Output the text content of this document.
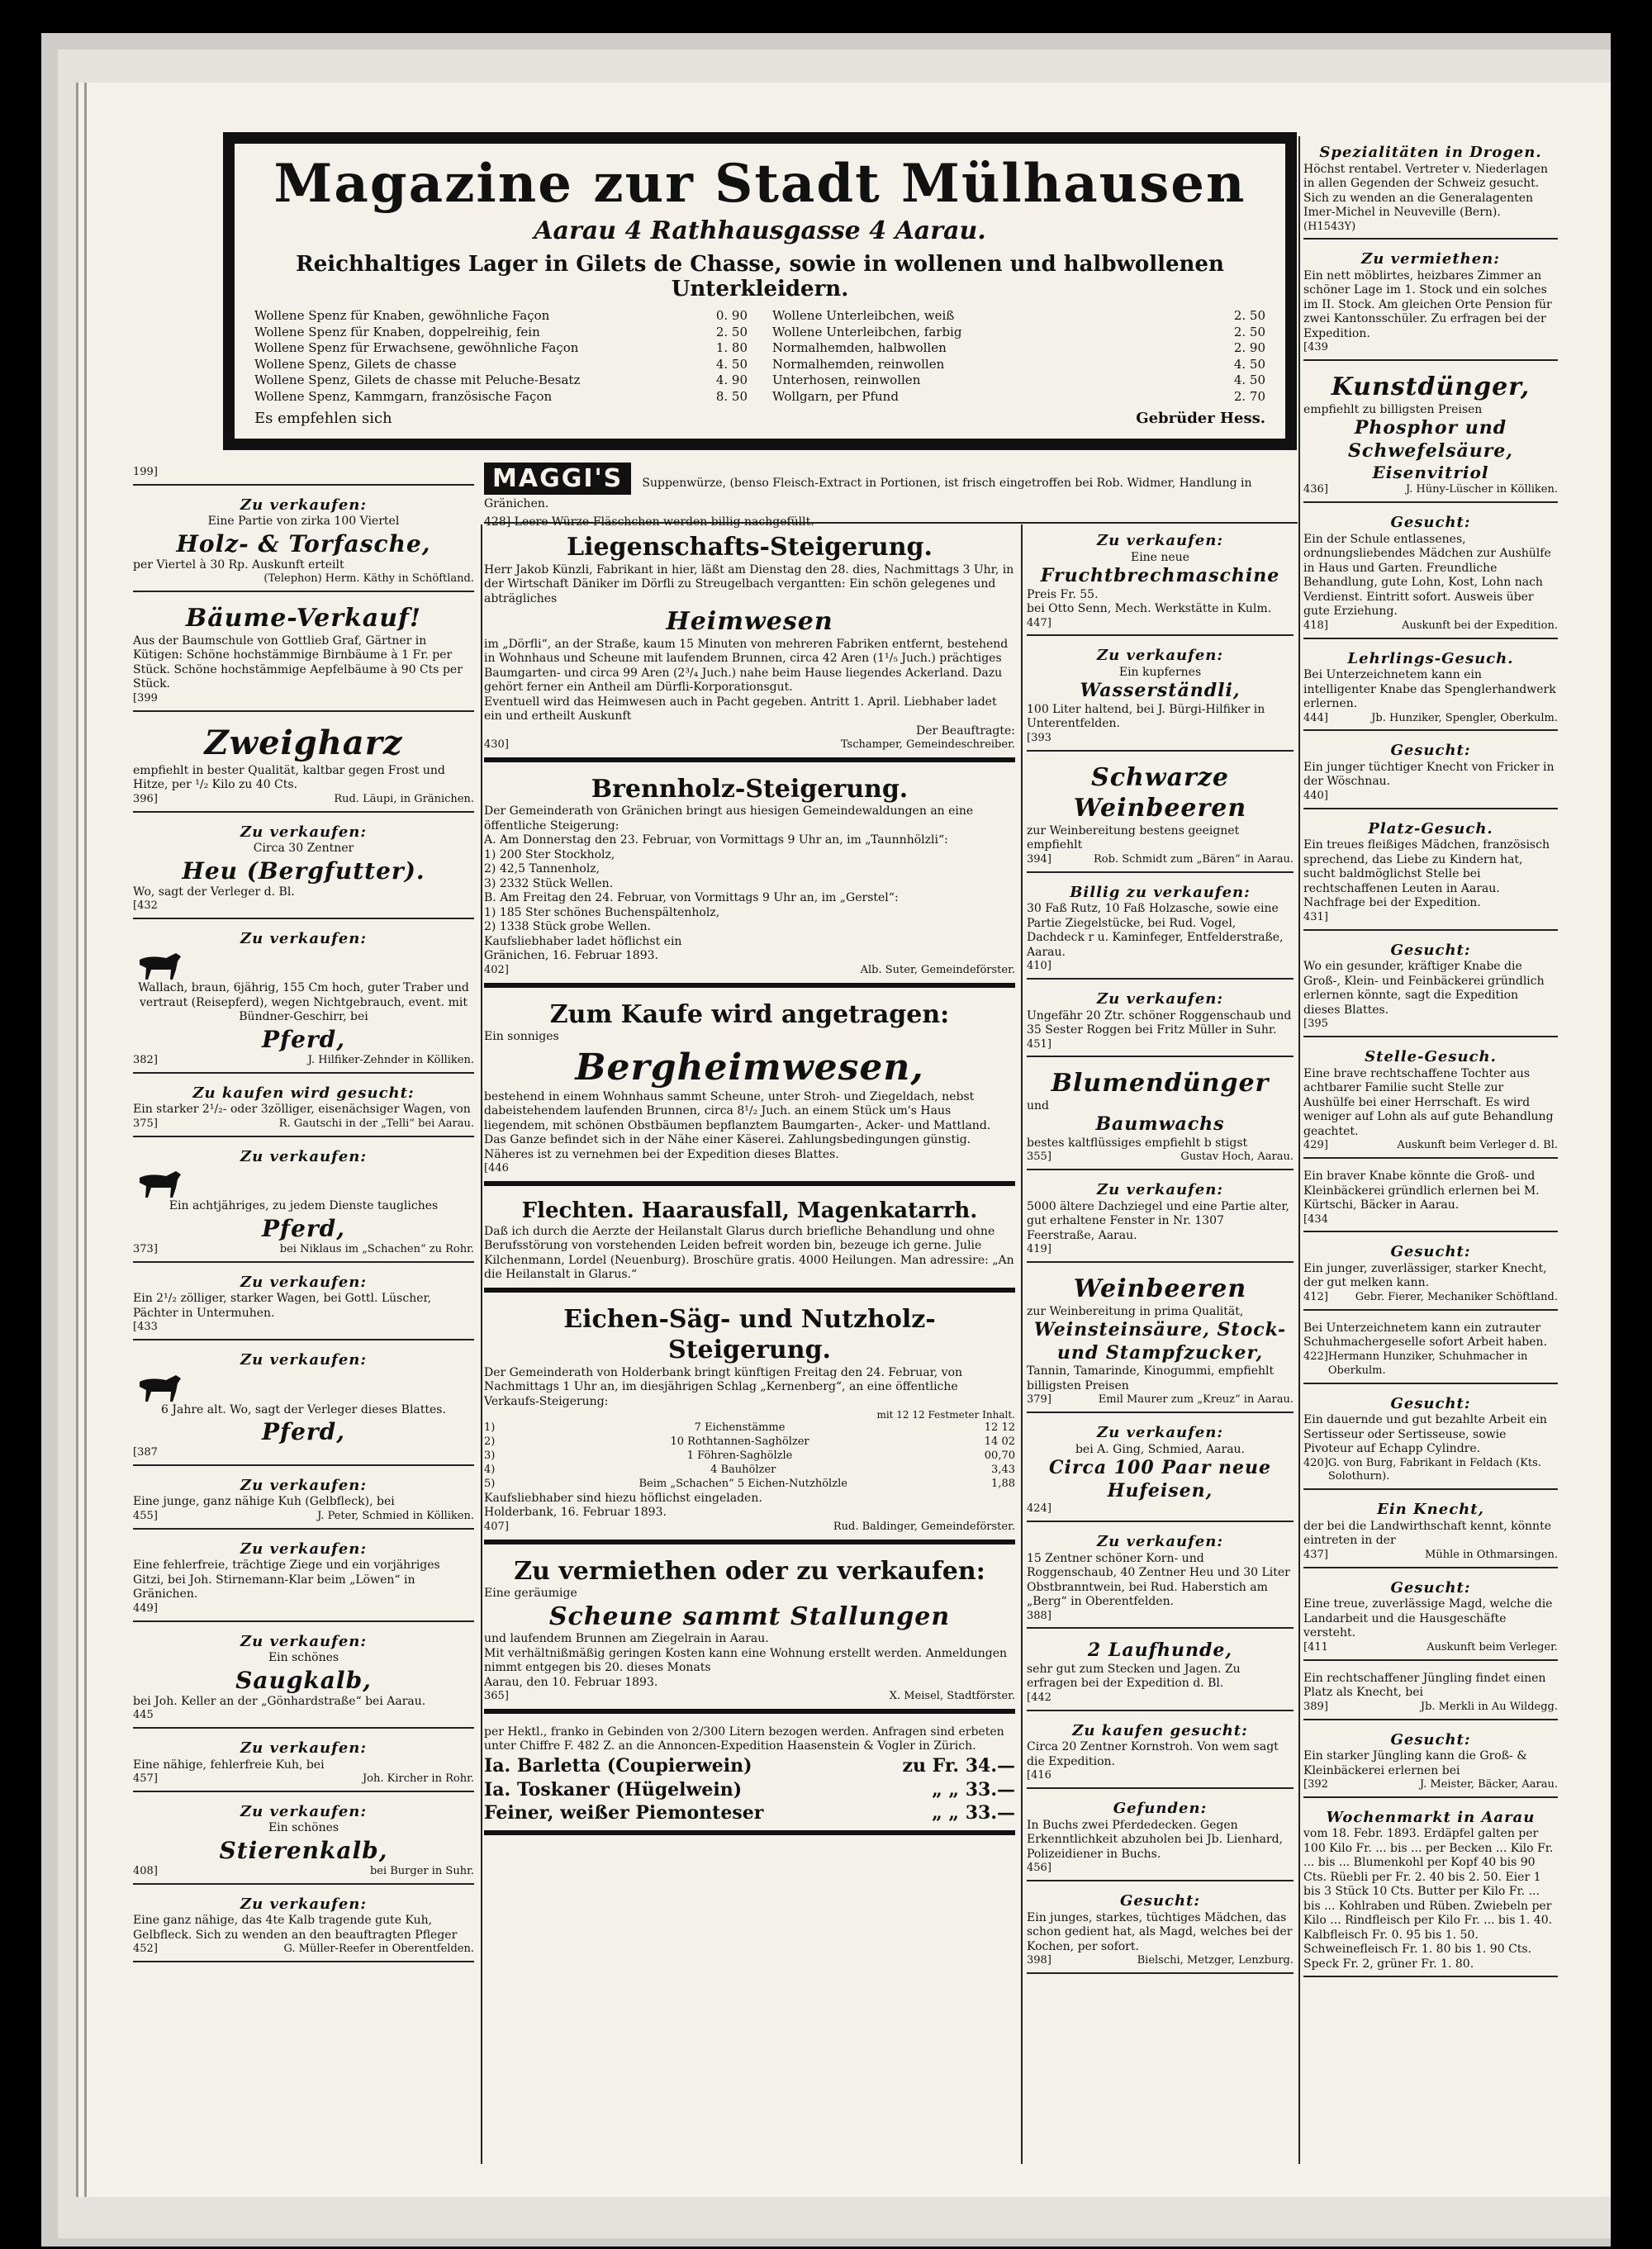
Magazine zur Stadt Mülhausen
Aarau 4 Rathhausgasse 4 Aarau.
Reichhaltiges Lager in Gilets de Chasse, sowie in wollenen und halbwollenen Unterkleidern.
Wollene Spenz für Knaben, gewöhnliche Façon	0. 90
Wollene Spenz für Knaben, doppelreihig, fein	2. 50
Wollene Spenz für Erwachsene, gewöhnliche Façon	1. 80
Wollene Spenz, Gilets de chasse	4. 50
Wollene Spenz, Gilets de chasse mit Peluche-Besatz	4. 90
Wollene Spenz, Kammgarn, französische Façon	8. 50
Wollene Unterleibchen, weiß	2. 50
Wollene Unterleibchen, farbig	2. 50
Normalhemden, halbwollen	2. 90
Normalhemden, reinwollen	4. 50
Unterhosen, reinwollen	4. 50
Wollgarn, per Pfund	2. 70
Es empfehlen sich	Gebrüder Hess.
MAGGI'S Suppenwürze, (benso Fleisch-Extract in Portionen, ist frisch eingetroffen bei Rob. Widmer, Handlung in Gränichen.
428] Leere Würze-Fläschchen werden billig nachgefüllt.
199]

Zu verkaufen:

Eine Partie von zirka 100 Viertel

Holz- & Torfasche,

per Viertel à 30 Rp. Auskunft erteilt

(Telephon) Herm. Käthy in Schöftland.

Bäume-Verkauf!

Aus der Baumschule von Gottlieb Graf, Gärtner in Kütigen: Schöne hochstämmige Birnbäume à 1 Fr. per Stück. Schöne hochstämmige Aepfelbäume à 90 Cts per Stück.

[399

Zweigharz

empfiehlt in bester Qualität, kaltbar gegen Frost und Hitze, per ¹/₂ Kilo zu 40 Cts.

396]	Rud. Läupi, in Gränichen.

Zu verkaufen:

Circa 30 Zentner

Heu (Bergfutter).

Wo, sagt der Verleger d. Bl.

[432

Zu verkaufen:

Wallach, braun, 6jährig, 155 Cm hoch, guter Traber und vertraut (Reisepferd), wegen Nichtgebrauch, event. mit Bündner-Geschirr, bei

Pferd,

382]	J. Hilfiker-Zehnder in Kölliken.

Zu kaufen wird gesucht:

Ein starker 2¹/₂- oder 3zölliger, eisenächsiger Wagen, von

375]	R. Gautschi in der „Telli“ bei Aarau.

Zu verkaufen:

Ein achtjähriges, zu jedem Dienste taugliches

Pferd,

373]	bei Niklaus im „Schachen“ zu Rohr.

Zu verkaufen:

Ein 2¹/₂ zölliger, starker Wagen, bei Gottl. Lüscher, Pächter in Untermuhen.

[433

Zu verkaufen:

6 Jahre alt. Wo, sagt der Verleger dieses Blattes.

Pferd,

[387

Zu verkaufen:

Eine junge, ganz nähige Kuh (Gelbfleck), bei

455]	J. Peter, Schmied in Kölliken.

Zu verkaufen:

Eine fehlerfreie, trächtige Ziege und ein vorjähriges Gitzi, bei Joh. Stirnemann-Klar beim „Löwen“ in Gränichen.

449]

Zu verkaufen:

Ein schönes

Saugkalb,

bei Joh. Keller an der „Gönhardstraße“ bei Aarau.

445

Zu verkaufen:

Eine nähige, fehlerfreie Kuh, bei

457]	Joh. Kircher in Rohr.

Zu verkaufen:

Ein schönes

Stierenkalb,

408]	bei Burger in Suhr.

Zu verkaufen:

Eine ganz nähige, das 4te Kalb tragende gute Kuh, Gelbfleck. Sich zu wenden an den beauftragten Pfleger

452]	G. Müller-Reefer in Oberentfelden.

Liegenschafts-Steigerung.

Herr Jakob Künzli, Fabrikant in hier, läßt am Dienstag den 28. dies, Nachmittags 3 Uhr, in der Wirtschaft Däniker im Dörfli zu Streugelbach vergantten: Ein schön gelegenes und abträgliches

Heimwesen

im „Dörfli“, an der Straße, kaum 15 Minuten von mehreren Fabriken entfernt, bestehend in Wohnhaus und Scheune mit laufendem Brunnen, circa 42 Aren (1¹/₅ Juch.) prächtiges Baumgarten- und circa 99 Aren (2³/₄ Juch.) nahe beim Hause liegendes Ackerland. Dazu gehört ferner ein Antheil am Dürfli-Korporationsgut.

Eventuell wird das Heimwesen auch in Pacht gegeben. Antritt 1. April. Liebhaber ladet ein und ertheilt Auskunft

Der Beauftragte:

430]	Tschamper, Gemeindeschreiber.

Brennholz-Steigerung.

Der Gemeinderath von Gränichen bringt aus hiesigen Gemeindewaldungen an eine öffentliche Steigerung:

A. Am Donnerstag den 23. Februar, von Vormittags 9 Uhr an, im „Taunnhölzli“:

1) 200 Ster Stockholz,

2) 42,5 Tannenholz,

3) 2332 Stück Wellen.

B. Am Freitag den 24. Februar, von Vormittags 9 Uhr an, im „Gerstel“:

1) 185 Ster schönes Buchenspältenholz,

2) 1338 Stück grobe Wellen.

Kaufsliebhaber ladet höflichst ein

Gränichen, 16. Februar 1893.

402]	Alb. Suter, Gemeindeförster.

Zum Kaufe wird angetragen:

Ein sonniges

Bergheimwesen,

bestehend in einem Wohnhaus sammt Scheune, unter Stroh- und Ziegeldach, nebst dabeistehendem laufenden Brunnen, circa 8¹/₂ Juch. an einem Stück um's Haus liegendem, mit schönen Obstbäumen bepflanztem Baumgarten-, Acker- und Mattland. Das Ganze befindet sich in der Nähe einer Käserei. Zahlungsbedingungen günstig.

Näheres ist zu vernehmen bei der Expedition dieses Blattes.

[446

Flechten. Haarausfall, Magenkatarrh.

Daß ich durch die Aerzte der Heilanstalt Glarus durch briefliche Behandlung und ohne Berufsstörung von vorstehenden Leiden befreit worden bin, bezeuge ich gerne. Julie Kilchenmann, Lordel (Neuenburg). Broschüre gratis. 4000 Heilungen. Man adressire: „An die Heilanstalt in Glarus.“

Eichen-Säg- und Nutzholz-Steigerung.

Der Gemeinderath von Holderbank bringt künftigen Freitag den 24. Februar, von Nachmittags 1 Uhr an, im diesjährigen Schlag „Kernenberg“, an eine öffentliche Verkaufs-Steigerung:

mit 12 12 Festmeter Inhalt.

1)	7 Eichenstämme	12 12
2)	10 Rothtannen-Saghölzer	14 02
3)	1 Föhren-Saghölzle	00,70
4)	4 Bauhölzer	3,43
5)	Beim „Schachen“ 5 Eichen-Nutzhölzle	1,88

Kaufsliebhaber sind hiezu höflichst eingeladen.

Holderbank, 16. Februar 1893.

407]	Rud. Baldinger, Gemeindeförster.

Zu vermiethen oder zu verkaufen:

Eine geräumige

Scheune sammt Stallungen

und laufendem Brunnen am Ziegelrain in Aarau.

Mit verhältnißmäßig geringen Kosten kann eine Wohnung erstellt werden. Anmeldungen nimmt entgegen bis 20. dieses Monats

Aarau, den 10. Februar 1893.

365]	X. Meisel, Stadtförster.

per Hektl., franko in Gebinden von 2/300 Litern bezogen werden. Anfragen sind erbeten unter Chiffre F. 482 Z. an die Annoncen-Expedition Haasenstein & Vogler in Zürich.

Ia. Barletta (Coupierwein)	zu Fr. 34.—
Ia. Toskaner (Hügelwein)	„ „ 33.—
Feiner, weißer Piemonteser	„ „ 33.—

Zu verkaufen:

Eine neue

Fruchtbrechmaschine

Preis Fr. 55.

bei Otto Senn, Mech. Werkstätte in Kulm.

447]

Zu verkaufen:

Ein kupfernes

Wasserständli,

100 Liter haltend, bei J. Bürgi-Hilfiker in Unterentfelden.

[393

Schwarze Weinbeeren

zur Weinbereitung bestens geeignet empfiehlt

394]	Rob. Schmidt zum „Bären“ in Aarau.

Billig zu verkaufen:

30 Faß Rutz, 10 Faß Holzasche, sowie eine Partie Ziegelstücke, bei Rud. Vogel, Dachdeck r u. Kaminfeger, Entfelderstraße, Aarau.

410]

Zu verkaufen:

Ungefähr 20 Ztr. schöner Roggenschaub und 35 Sester Roggen bei Fritz Müller in Suhr.

451]

Blumendünger

und

Baumwachs

bestes kaltflüssiges empfiehlt b stigst

355]	Gustav Hoch, Aarau.

Zu verkaufen:

5000 ältere Dachziegel und eine Partie alter, gut erhaltene Fenster in Nr. 1307 Feerstraße, Aarau.

419]

Weinbeeren

zur Weinbereitung in prima Qualität,

Weinsteinsäure, Stock- und Stampfzucker,

Tannin, Tamarinde, Kinogummi, empfiehlt billigsten Preisen

379]	Emil Maurer zum „Kreuz“ in Aarau.

Zu verkaufen:

bei A. Ging, Schmied, Aarau.

Circa 100 Paar neue Hufeisen,

424]

Zu verkaufen:

15 Zentner schöner Korn- und Roggenschaub, 40 Zentner Heu und 30 Liter Obstbranntwein, bei Rud. Haberstich am „Berg“ in Oberentfelden.

388]

2 Laufhunde,

sehr gut zum Stecken und Jagen. Zu erfragen bei der Expedition d. Bl.

[442

Zu kaufen gesucht:

Circa 20 Zentner Kornstroh. Von wem sagt die Expedition.

[416

Gefunden:

In Buchs zwei Pferdedecken. Gegen Erkenntlichkeit abzuholen bei Jb. Lienhard, Polizeidiener in Buchs.

456]

Gesucht:

Ein junges, starkes, tüchtiges Mädchen, das schon gedient hat, als Magd, welches bei der Kochen, per sofort.

398]	Bielschi, Metzger, Lenzburg.

Spezialitäten in Drogen.

Höchst rentabel. Vertreter v. Niederlagen in allen Gegenden der Schweiz gesucht. Sich zu wenden an die Generalagenten Imer-Michel in Neuveville (Bern).

(H1543Y)

Zu vermiethen:

Ein nett möblirtes, heizbares Zimmer an schöner Lage im 1. Stock und ein solches im II. Stock. Am gleichen Orte Pension für zwei Kantonsschüler. Zu erfragen bei der Expedition.

[439

Kunstdünger,

empfiehlt zu billigsten Preisen

Phosphor und Schwefelsäure,

Eisenvitriol

436]	J. Hüny-Lüscher in Kölliken.

Gesucht:

Ein der Schule entlassenes, ordnungsliebendes Mädchen zur Aushülfe in Haus und Garten. Freundliche Behandlung, gute Lohn, Kost, Lohn nach Verdienst. Eintritt sofort. Ausweis über gute Erziehung.

418]	Auskunft bei der Expedition.

Lehrlings-Gesuch.

Bei Unterzeichnetem kann ein intelligenter Knabe das Spenglerhandwerk erlernen.

444]	Jb. Hunziker, Spengler, Oberkulm.

Gesucht:

Ein junger tüchtiger Knecht von Fricker in der Wöschnau.

440]

Platz-Gesuch.

Ein treues fleißiges Mädchen, französisch sprechend, das Liebe zu Kindern hat, sucht baldmöglichst Stelle bei rechtschaffenen Leuten in Aarau. Nachfrage bei der Expedition.

431]

Gesucht:

Wo ein gesunder, kräftiger Knabe die Groß-, Klein- und Feinbäckerei gründlich erlernen könnte, sagt die Expedition dieses Blattes.

[395

Stelle-Gesuch.

Eine brave rechtschaffene Tochter aus achtbarer Familie sucht Stelle zur Aushülfe bei einer Herrschaft. Es wird weniger auf Lohn als auf gute Behandlung geachtet.

429]	Auskunft beim Verleger d. Bl.

Ein braver Knabe könnte die Groß- und Kleinbäckerei gründlich erlernen bei M. Kürtschi, Bäcker in Aarau.

[434

Gesucht:

Ein junger, zuverlässiger, starker Knecht, der gut melken kann.

412]	Gebr. Fierer, Mechaniker Schöftland.

Bei Unterzeichnetem kann ein zutrauter Schuhmachergeselle sofort Arbeit haben.

422] Hermann Hunziker, Schuhmacher in Oberkulm.

Gesucht:

Ein dauernde und gut bezahlte Arbeit ein Sertisseur oder Sertisseuse, sowie Pivoteur auf Echapp Cylindre.

420] G. von Burg, Fabrikant in Feldach (Kts. Solothurn).

Ein Knecht,

der bei die Landwirthschaft kennt, könnte eintreten in der

437]	Mühle in Othmarsingen.

Gesucht:

Eine treue, zuverlässige Magd, welche die Landarbeit und die Hausgeschäfte versteht.

[411	Auskunft beim Verleger.

Ein rechtschaffener Jüngling findet einen Platz als Knecht, bei

389]	Jb. Merkli in Au Wildegg.

Gesucht:

Ein starker Jüngling kann die Groß- & Kleinbäckerei erlernen bei

[392	J. Meister, Bäcker, Aarau.

Wochenmarkt in Aarau

vom 18. Febr. 1893. Erdäpfel galten per 100 Kilo Fr. ... bis ... per Becken ... Kilo Fr. ... bis ... Blumenkohl per Kopf 40 bis 90 Cts. Rüebli per Fr. 2. 40 bis 2. 50. Eier 1 bis 3 Stück 10 Cts. Butter per Kilo Fr. ... bis ... Kohlraben und Rüben. Zwiebeln per Kilo ... Rindfleisch per Kilo Fr. ... bis 1. 40. Kalbfleisch Fr. 0. 95 bis 1. 50. Schweinefleisch Fr. 1. 80 bis 1. 90 Cts. Speck Fr. 2, grüner Fr. 1. 80.
